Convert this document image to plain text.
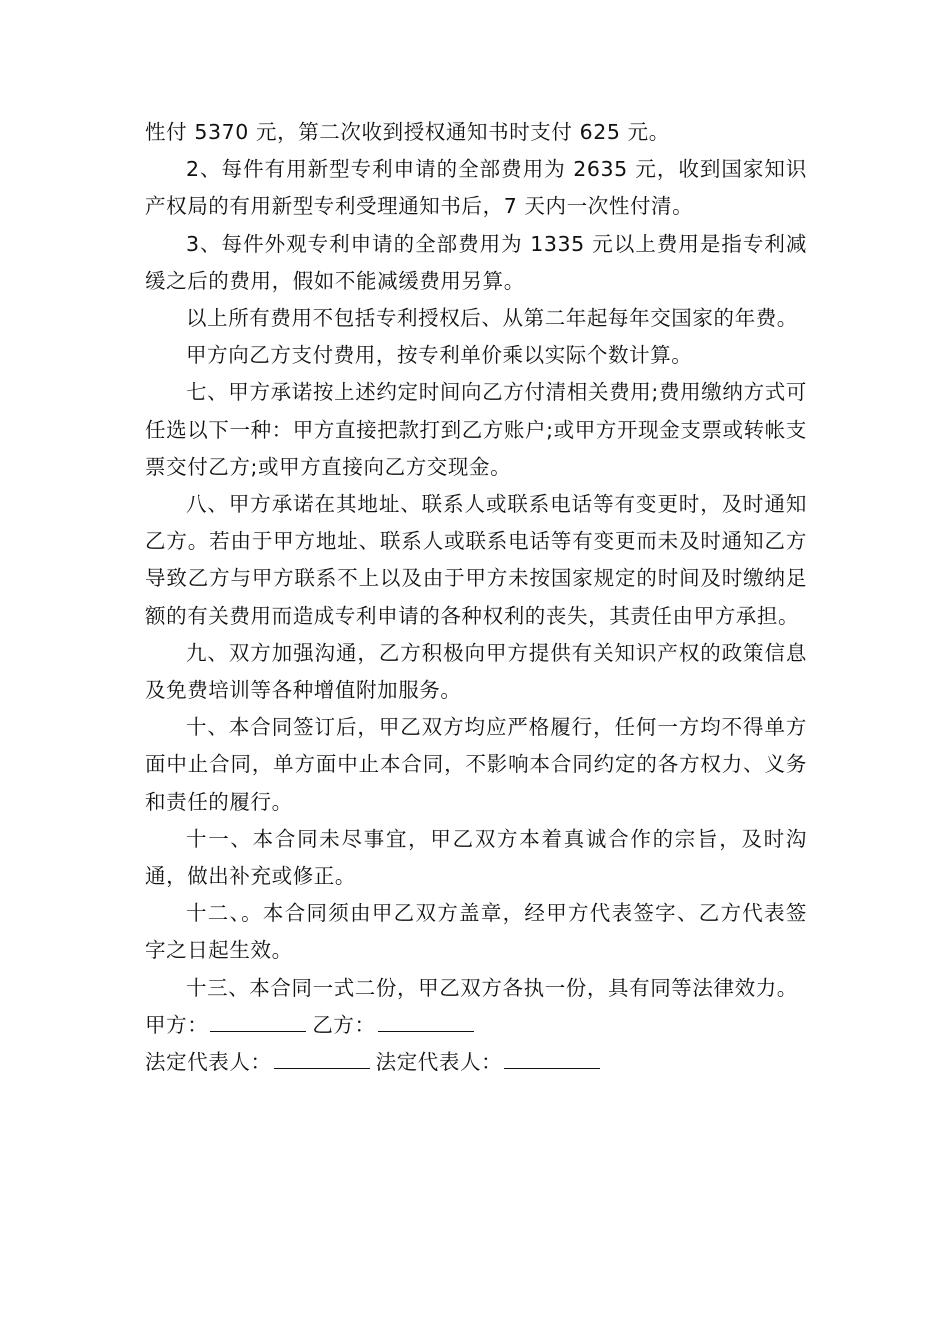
性付 5370 元，第二次收到授权通知书时支付 625 元。

2、每件有用新型专利申请的全部费用为 2635 元，收到国家知识产权局的有用新型专利受理通知书后，7 天内一次性付清。

3、每件外观专利申请的全部费用为 1335 元以上费用是指专利减缓之后的费用，假如不能减缓费用另算。

以上所有费用不包括专利授权后、从第二年起每年交国家的年费。

甲方向乙方支付费用，按专利单价乘以实际个数计算。

七、甲方承诺按上述约定时间向乙方付清相关费用;费用缴纳方式可任选以下一种：甲方直接把款打到乙方账户;或甲方开现金支票或转帐支票交付乙方;或甲方直接向乙方交现金。

八、甲方承诺在其地址、联系人或联系电话等有变更时，及时通知乙方。若由于甲方地址、联系人或联系电话等有变更而未及时通知乙方导致乙方与甲方联系不上以及由于甲方未按国家规定的时间及时缴纳足额的有关费用而造成专利申请的各种权利的丧失，其责任由甲方承担。

九、双方加强沟通，乙方积极向甲方提供有关知识产权的政策信息及免费培训等各种增值附加服务。

十、本合同签订后，甲乙双方均应严格履行，任何一方均不得单方面中止合同，单方面中止本合同，不影响本合同约定的各方权力、义务和责任的履行。

十一、本合同未尽事宜，甲乙双方本着真诚合作的宗旨，及时沟通，做出补充或修正。

十二、。本合同须由甲乙双方盖章，经甲方代表签字、乙方代表签字之日起生效。

十三、本合同一式二份，甲乙双方各执一份，具有同等法律效力。

甲方：	乙方：

法定代表人：	法定代表人：
